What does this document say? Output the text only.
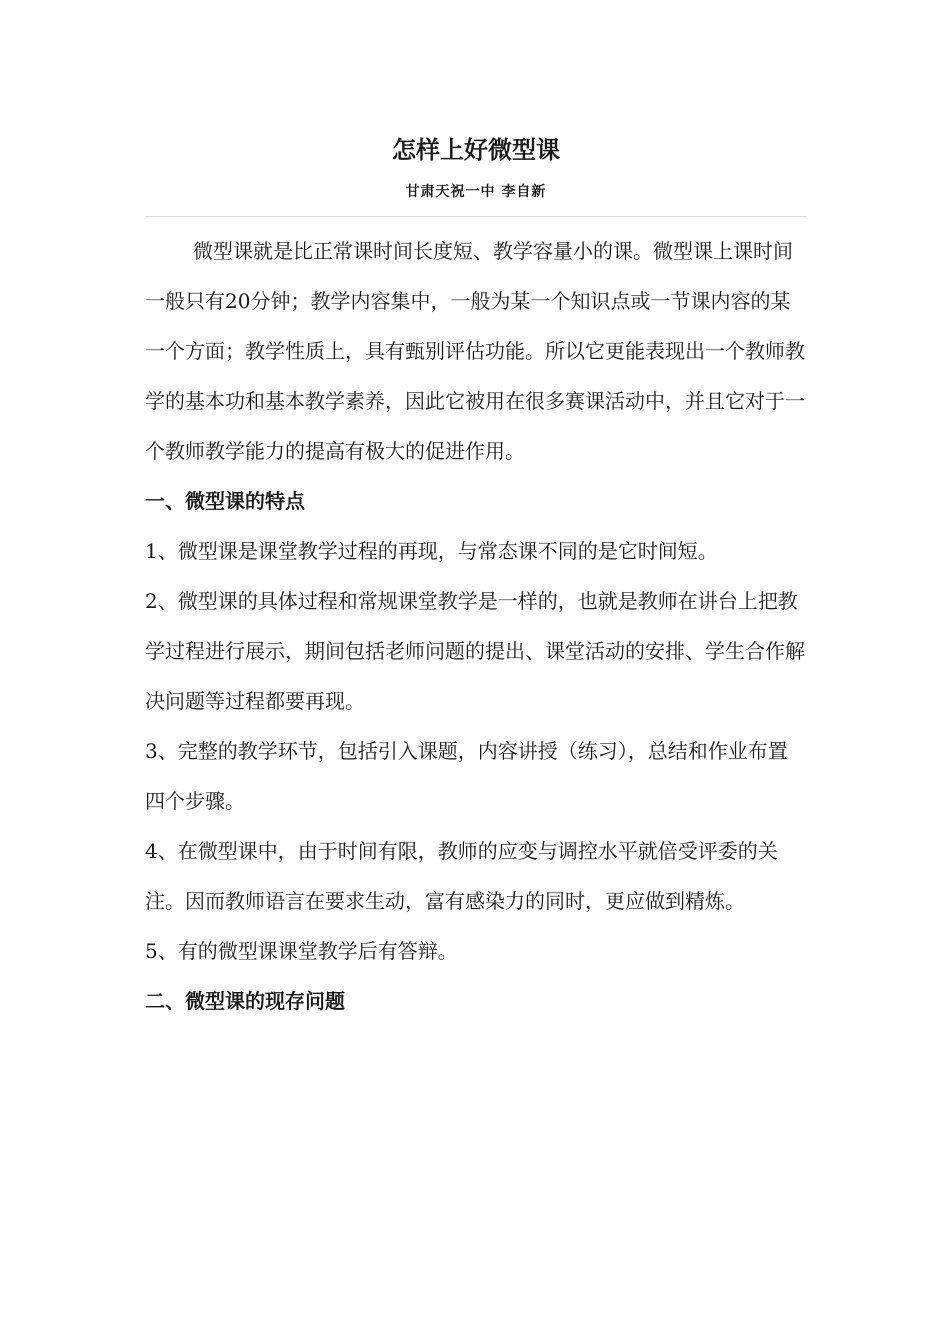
怎样上好微型课
甘肃天祝一中 李自新

微型课就是比正常课时间长度短、教学容量小的课。微型课上课时间一般只有20分钟；教学内容集中，一般为某一个知识点或一节课内容的某一个方面；教学性质上，具有甄别评估功能。所以它更能表现出一个教师教学的基本功和基本教学素养，因此它被用在很多赛课活动中，并且它对于一个教师教学能力的提高有极大的促进作用。

一、微型课的特点

1、微型课是课堂教学过程的再现，与常态课不同的是它时间短。

2、微型课的具体过程和常规课堂教学是一样的，也就是教师在讲台上把教学过程进行展示，期间包括老师问题的提出、课堂活动的安排、学生合作解决问题等过程都要再现。

3、完整的教学环节，包括引入课题，内容讲授（练习），总结和作业布置四个步骤。

4、在微型课中，由于时间有限，教师的应变与调控水平就倍受评委的关注。因而教师语言在要求生动，富有感染力的同时，更应做到精炼。

5、有的微型课课堂教学后有答辩。

二、微型课的现存问题
